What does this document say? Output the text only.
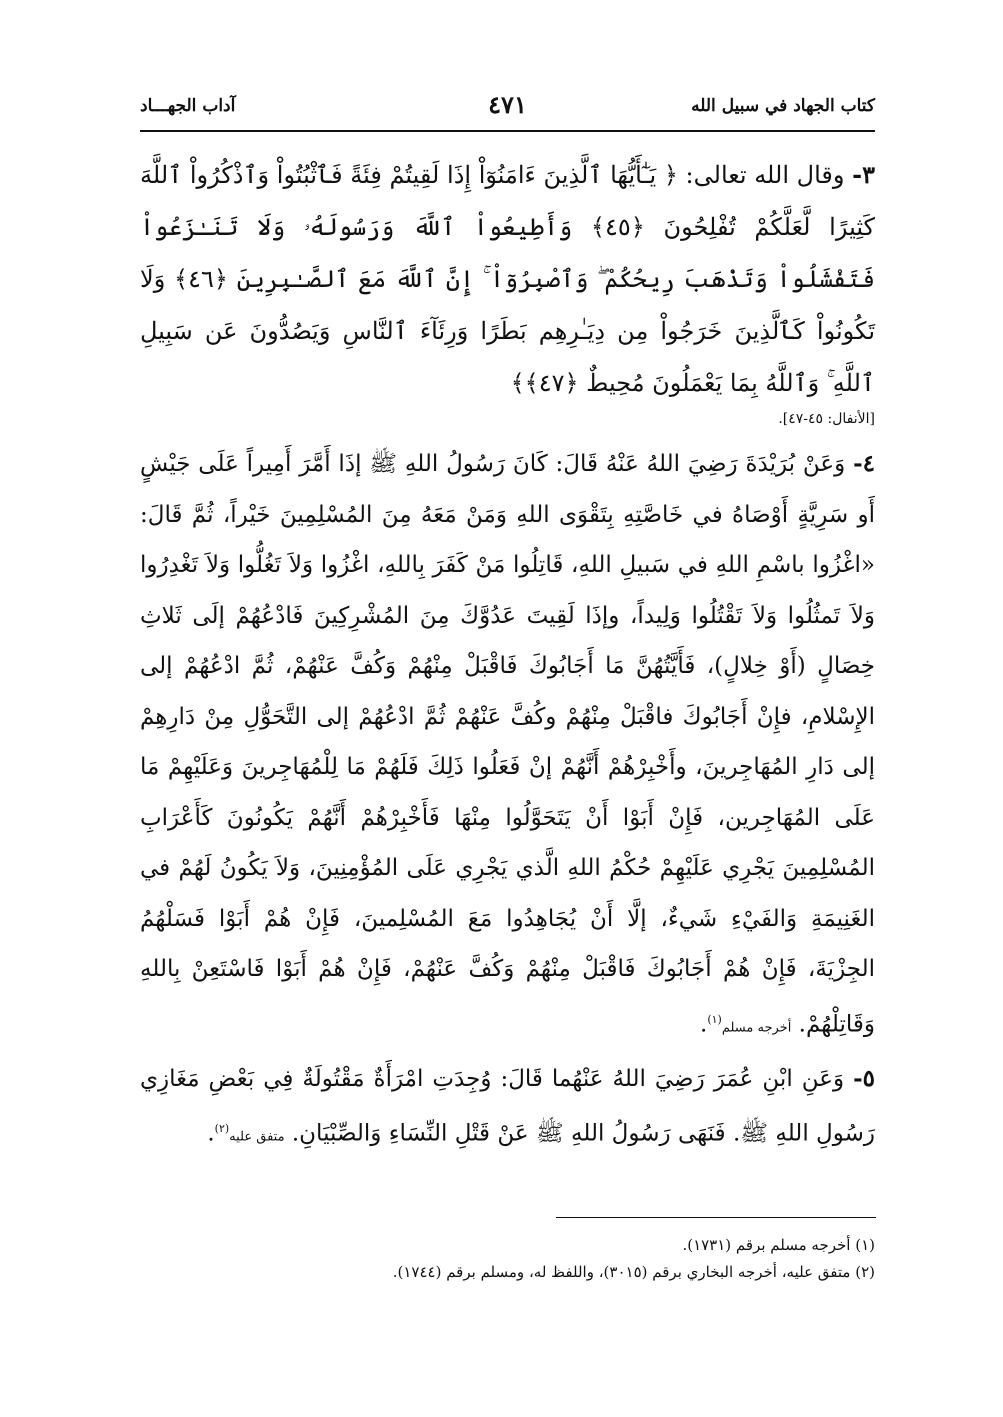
كتاب الجهاد في سبيل الله
٤٧١
آداب الجهـــاد

٣- وقال الله تعالى: ﴿ يَـٰٓأَيُّهَا ٱلَّذِينَ ءَامَنُوٓاْ إِذَا لَقِيتُمْ فِئَةً فَٱثْبُتُواْ وَٱذْكُرُواْ ٱللَّهَ كَثِيرًا لَّعَلَّكُمْ تُفْلِحُونَ ﴿٤٥﴾ وَأَطِيعُواْ ٱللَّهَ وَرَسُولَهُۥ وَلَا تَنَـٰزَعُواْ فَتَفْشَلُواْ وَتَذْهَبَ رِيحُكُمْ ۖ وَٱصْبِرُوٓاْ ۚ إِنَّ ٱللَّهَ مَعَ ٱلصَّـٰبِرِينَ ﴿٤٦﴾ وَلَا تَكُونُواْ كَٱلَّذِينَ خَرَجُواْ مِن دِيَـٰرِهِم بَطَرًا وَرِئَآءَ ٱلنَّاسِ وَيَصُدُّونَ عَن سَبِيلِ ٱللَّهِ ۚ وَٱللَّهُ بِمَا يَعْمَلُونَ مُحِيطٌ ﴿٤٧﴾﴾

[الأنفال: ٤٥-٤٧].

٤- وَعَنْ بُرَيْدَةَ رَضِيَ اللهُ عَنْهُ قَالَ: كَانَ رَسُولُ اللهِ ﷺ إذَا أَمَّرَ أَمِيراً عَلَى جَيْشٍ أَو سَرِيَّةٍ أَوْصَاهُ في خَاصَّتِهِ بِتَقْوَى اللهِ وَمَنْ مَعَهُ مِنَ المُسْلِمِينَ خَيْراً، ثُمَّ قَالَ: «اغْزُوا باسْمِ اللهِ في سَبيلِ اللهِ، قَاتِلُوا مَنْ كَفَرَ بِاللهِ، اغْزُوا وَلاَ تَغُلُّوا وَلاَ تَغْدِرُوا وَلاَ تَمثُلُوا وَلاَ تَقْتُلُوا وَلِيداً، وإذَا لَقِيتَ عَدُوَّكَ مِنَ المُشْرِكِينَ فَادْعُهُمْ إلَى ثَلاثِ خِصَالٍ (أَوْ خِلالٍ)، فَأَيَّتُهُنَّ مَا أَجَابُوكَ فَاقْبَلْ مِنْهُمْ وَكُفَّ عَنْهُمْ، ثُمَّ ادْعُهُمْ إلى الإِسْلامِ، فإِنْ أَجَابُوكَ فاقْبَلْ مِنْهُمْ وكُفَّ عَنْهُمْ ثُمَّ ادْعُهُمْ إلى التَّحَوُّلِ مِنْ دَارِهِمْ إلى دَارِ المُهَاجِرينَ، وأَخْبِرْهُمْ أَنَّهُمْ إنْ فَعَلُوا ذَلِكَ فَلَهُمْ مَا لِلْمُهَاجِرينَ وَعَلَيْهِمْ مَا عَلَى المُهَاجِرين، فَإِنْ أَبَوْا أَنْ يَتَحَوَّلُوا مِنْهَا فَأَخْبِرْهُمْ أَنَّهُمْ يَكُونُونَ كَأَعْرَابِ المُسْلِمِينَ يَجْرِي عَلَيْهِمْ حُكْمُ اللهِ الَّذي يَجْرِي عَلَى المُؤْمِنِينَ، وَلاَ يَكُونُ لَهُمْ في الغَنِيمَةِ وَالفَيْءِ شَيءٌ، إلَّا أَنْ يُجَاهِدُوا مَعَ المُسْلِمينَ، فَإِنْ هُمْ أَبَوْا فَسَلْهُمُ الجِزْيَةَ، فَإِنْ هُمْ أَجَابُوكَ فَاقْبَلْ مِنْهُمْ وَكُفَّ عَنْهُمْ، فَإِنْ هُمْ أَبَوْا فَاسْتَعِنْ بِاللهِ وَقَاتِلْهُمْ. أخرجه مسلم$^{(١)}$.

٥- وَعَنِ ابْنِ عُمَرَ رَضِيَ اللهُ عَنْهُما قَالَ: وُجِدَتِ امْرَأَةٌ مَقْتُولَةٌ فِي بَعْضِ مَغَازِي رَسُولِ اللهِ ﷺ. فَنَهَى رَسُولُ اللهِ ﷺ عَنْ قَتْلِ النِّسَاءِ وَالصِّبْيَانِ. متفق عليه$^{(٢)}$.

(١) أخرجه مسلم برقم (١٧٣١).

(٢) متفق عليه، أخرجه البخاري برقم (٣٠١٥)، واللفظ له، ومسلم برقم (١٧٤٤).
